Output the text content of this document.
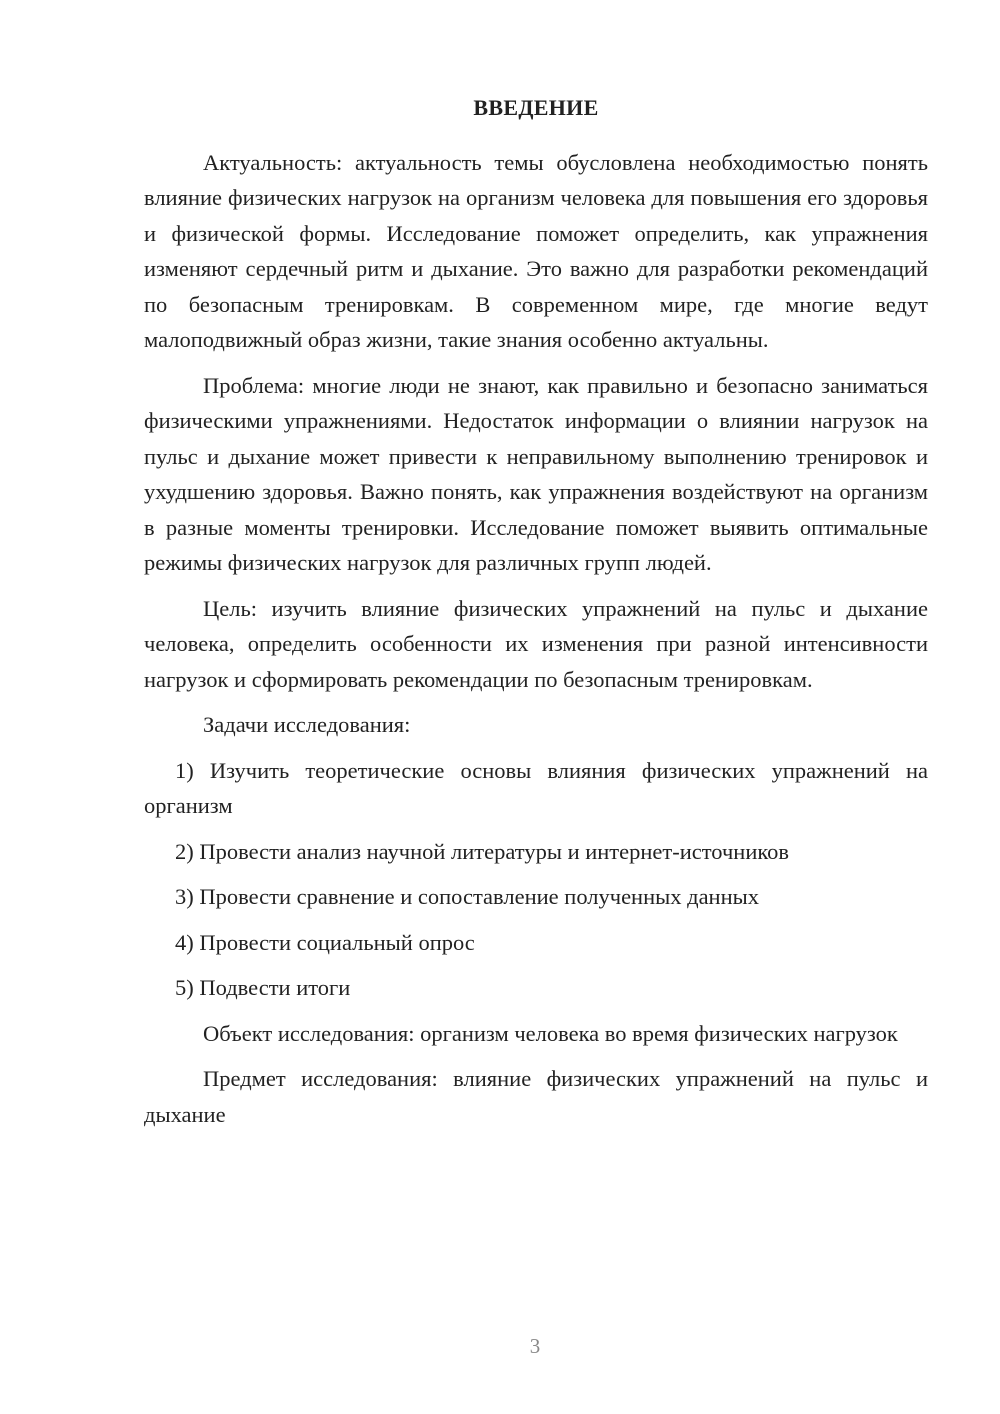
ВВЕДЕНИЕ

Актуальность: актуальность темы обусловлена необходимостью понять влияние физических нагрузок на организм человека для повышения его здоровья и физической формы. Исследование поможет определить, как упражнения изменяют сердечный ритм и дыхание. Это важно для разработки рекомендаций по безопасным тренировкам. В современном мире, где многие ведут малоподвижный образ жизни, такие знания особенно актуальны.

Проблема: многие люди не знают, как правильно и безопасно заниматься физическими упражнениями. Недостаток информации о влиянии нагрузок на пульс и дыхание может привести к неправильному выполнению тренировок и ухудшению здоровья. Важно понять, как упражнения воздействуют на организм в разные моменты тренировки. Исследование поможет выявить оптимальные режимы физических нагрузок для различных групп людей.

Цель: изучить влияние физических упражнений на пульс и дыхание человека, определить особенности их изменения при разной интенсивности нагрузок и сформировать рекомендации по безопасным тренировкам.

Задачи исследования:

1) Изучить теоретические основы влияния физических упражнений на организм

2) Провести анализ научной литературы и интернет-источников

3) Провести сравнение и сопоставление полученных данных

4) Провести социальный опрос

5) Подвести итоги

Объект исследования: организм человека во время физических нагрузок

Предмет исследования: влияние физических упражнений на пульс и дыхание

3
